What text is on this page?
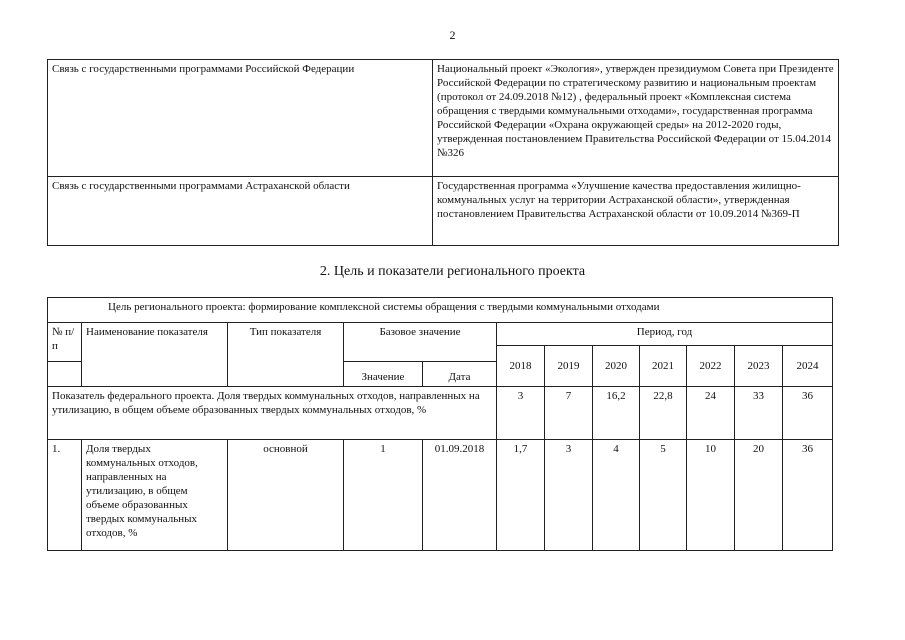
2
Связь с государственными программами Российской Федерации	Национальный проект «Экология», утвержден президиумом Совета при Президенте Российской Федерации по стратегическому развитию и национальным проектам (протокол от 24.09.2018 №12) , федеральный проект «Комплексная система обращения с твердыми коммунальными отходами», государственная программа Российской Федерации «Охрана окружающей среды» на 2012-2020 годы, утвержденная постановлением Правительства Российской Федерации от 15.04.2014 №326
Связь с государственными программами Астраханской области	Государственная программа «Улучшение качества предоставления жилищно-коммунальных услуг на территории Астраханской области», утвержденная постановлением Правительства Астраханской области от 10.09.2014 №369-П
2. Цель и показатели регионального проекта
Цель регионального проекта: формирование комплексной системы обращения с твердыми коммунальными отходами											
№ п/п	Наименование показателя	Тип показателя	Базовое значение		Период, год						
					2018	2019	2020	2021	2022	2023	2024
			Значение	Дата							
Показатель федерального проекта. Доля твердых коммунальных отходов, направленных на утилизацию, в общем объеме образованных твердых коммунальных отходов, %					3	7	16,2	22,8	24	33	36
1.	Доля твердых коммунальных отходов, направленных на утилизацию, в общем объеме образованных твердых коммунальных отходов, %	основной	1	01.09.2018	1,7	3	4	5	10	20	36
